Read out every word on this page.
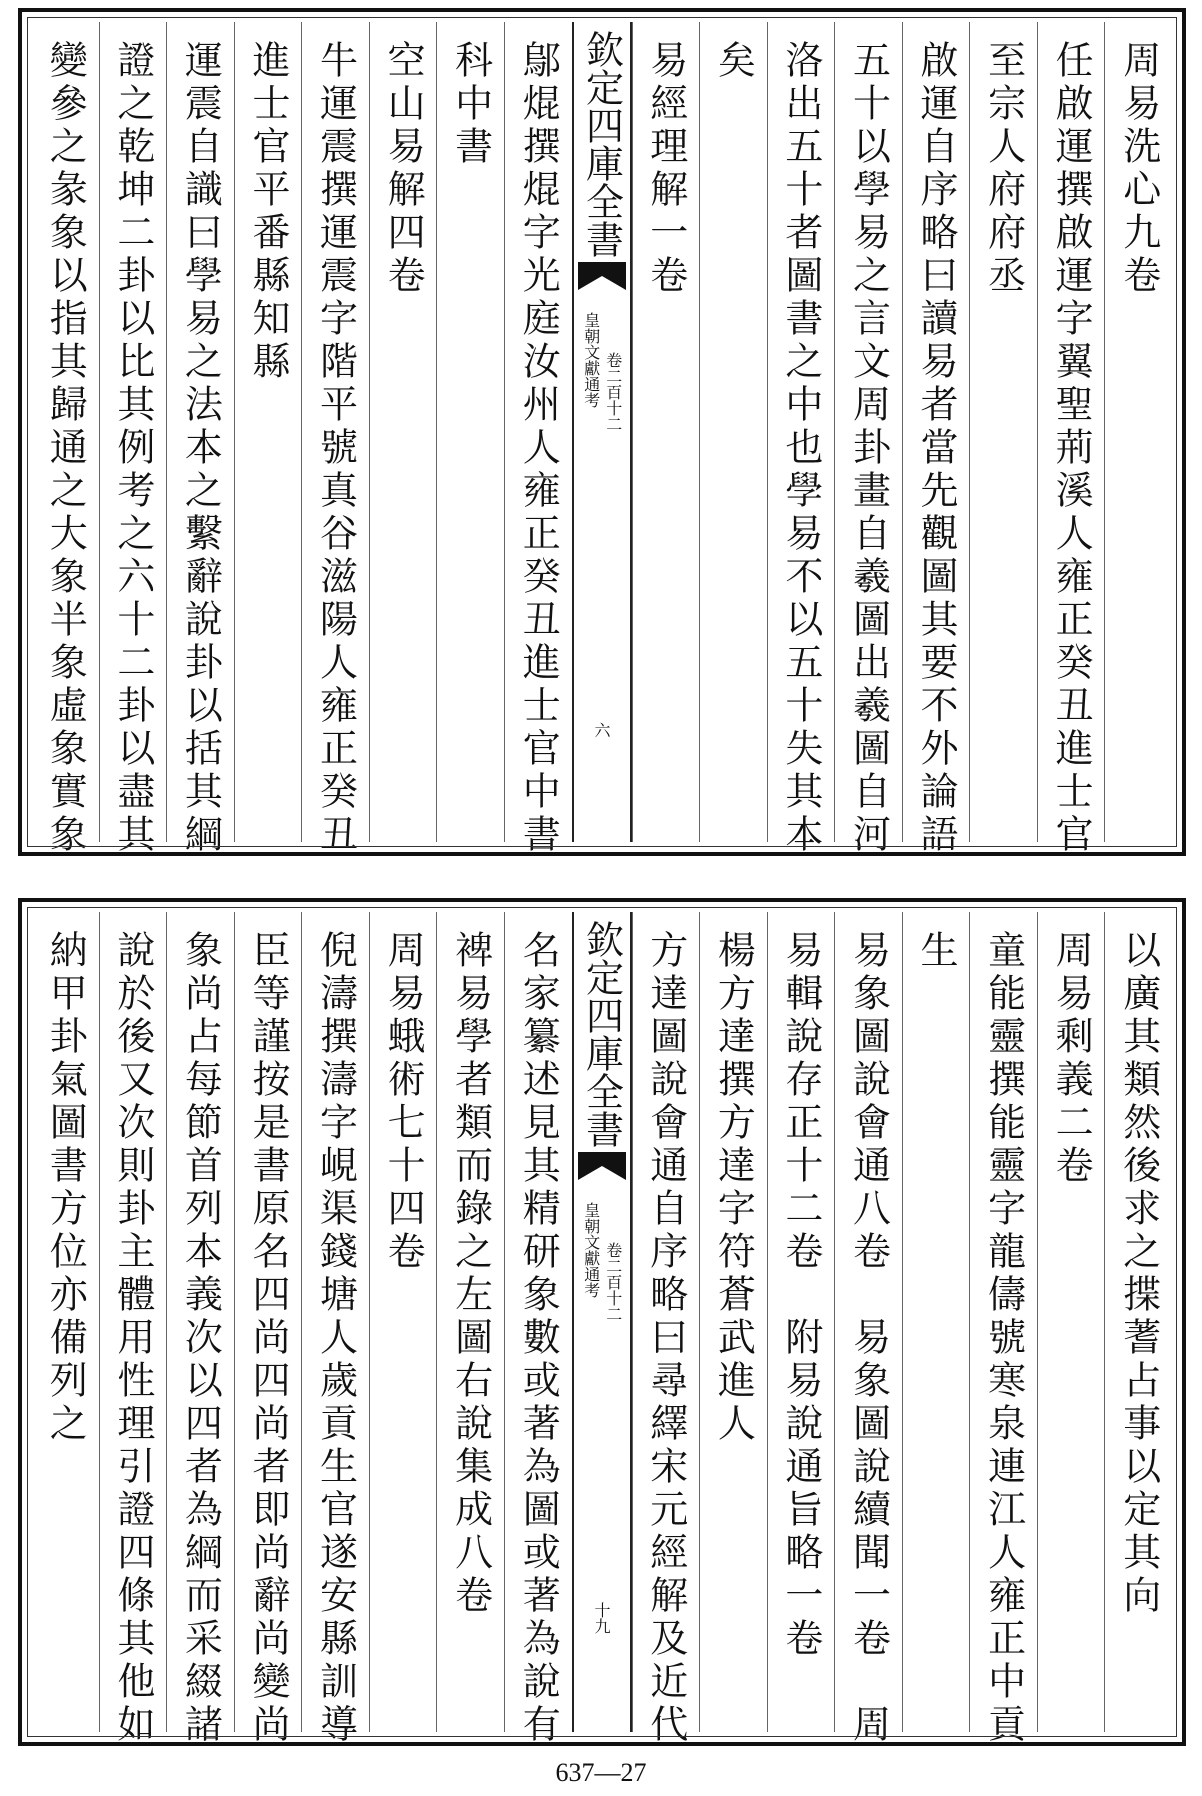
周易洗心九卷
任啟運撰啟運字翼聖荊溪人雍正癸丑進士官
至宗人府府丞
啟運自序略曰讀易者當先觀圖其要不外論語
五十以學易之言文周卦畫自羲圖出羲圖自河
洛出五十者圖書之中也學易不以五十失其本
矣
易經理解一卷
欽定四庫全書
皇朝文獻通考 卷二百十二
六
鄔焜撰焜字光庭汝州人雍正癸丑進士官中書
科中書
空山易解四卷
牛運震撰運震字階平號真谷滋陽人雍正癸丑
進士官平番縣知縣
運震自識曰學易之法本之繫辭說卦以括其綱
證之乾坤二卦以比其例考之六十二卦以盡其
變參之彖象以指其歸通之大象半象虛象實象
以廣其類然後求之揲蓍占事以定其向
周易剩義二卷
童能靈撰能靈字龍儔號寒泉連江人雍正中貢
生
易象圖說會通八卷　易象圖說續聞一卷　周
易輯說存正十二卷　附易說通旨略一卷
楊方達撰方達字符蒼武進人
方達圖說會通自序略曰尋繹宋元經解及近代
欽定四庫全書
皇朝文獻通考 卷二百十二
十九
名家纂述見其精研象數或著為圖或著為說有
裨易學者類而錄之左圖右說集成八卷
周易蛾術七十四卷
倪濤撰濤字峴渠錢塘人歲貢生官遂安縣訓導
臣等謹按是書原名四尚四尚者即尚辭尚變尚
象尚占每節首列本義次以四者為綱而采綴諸
說於後又次則卦主體用性理引證四條其他如
納甲卦氣圖書方位亦備列之
637—27
